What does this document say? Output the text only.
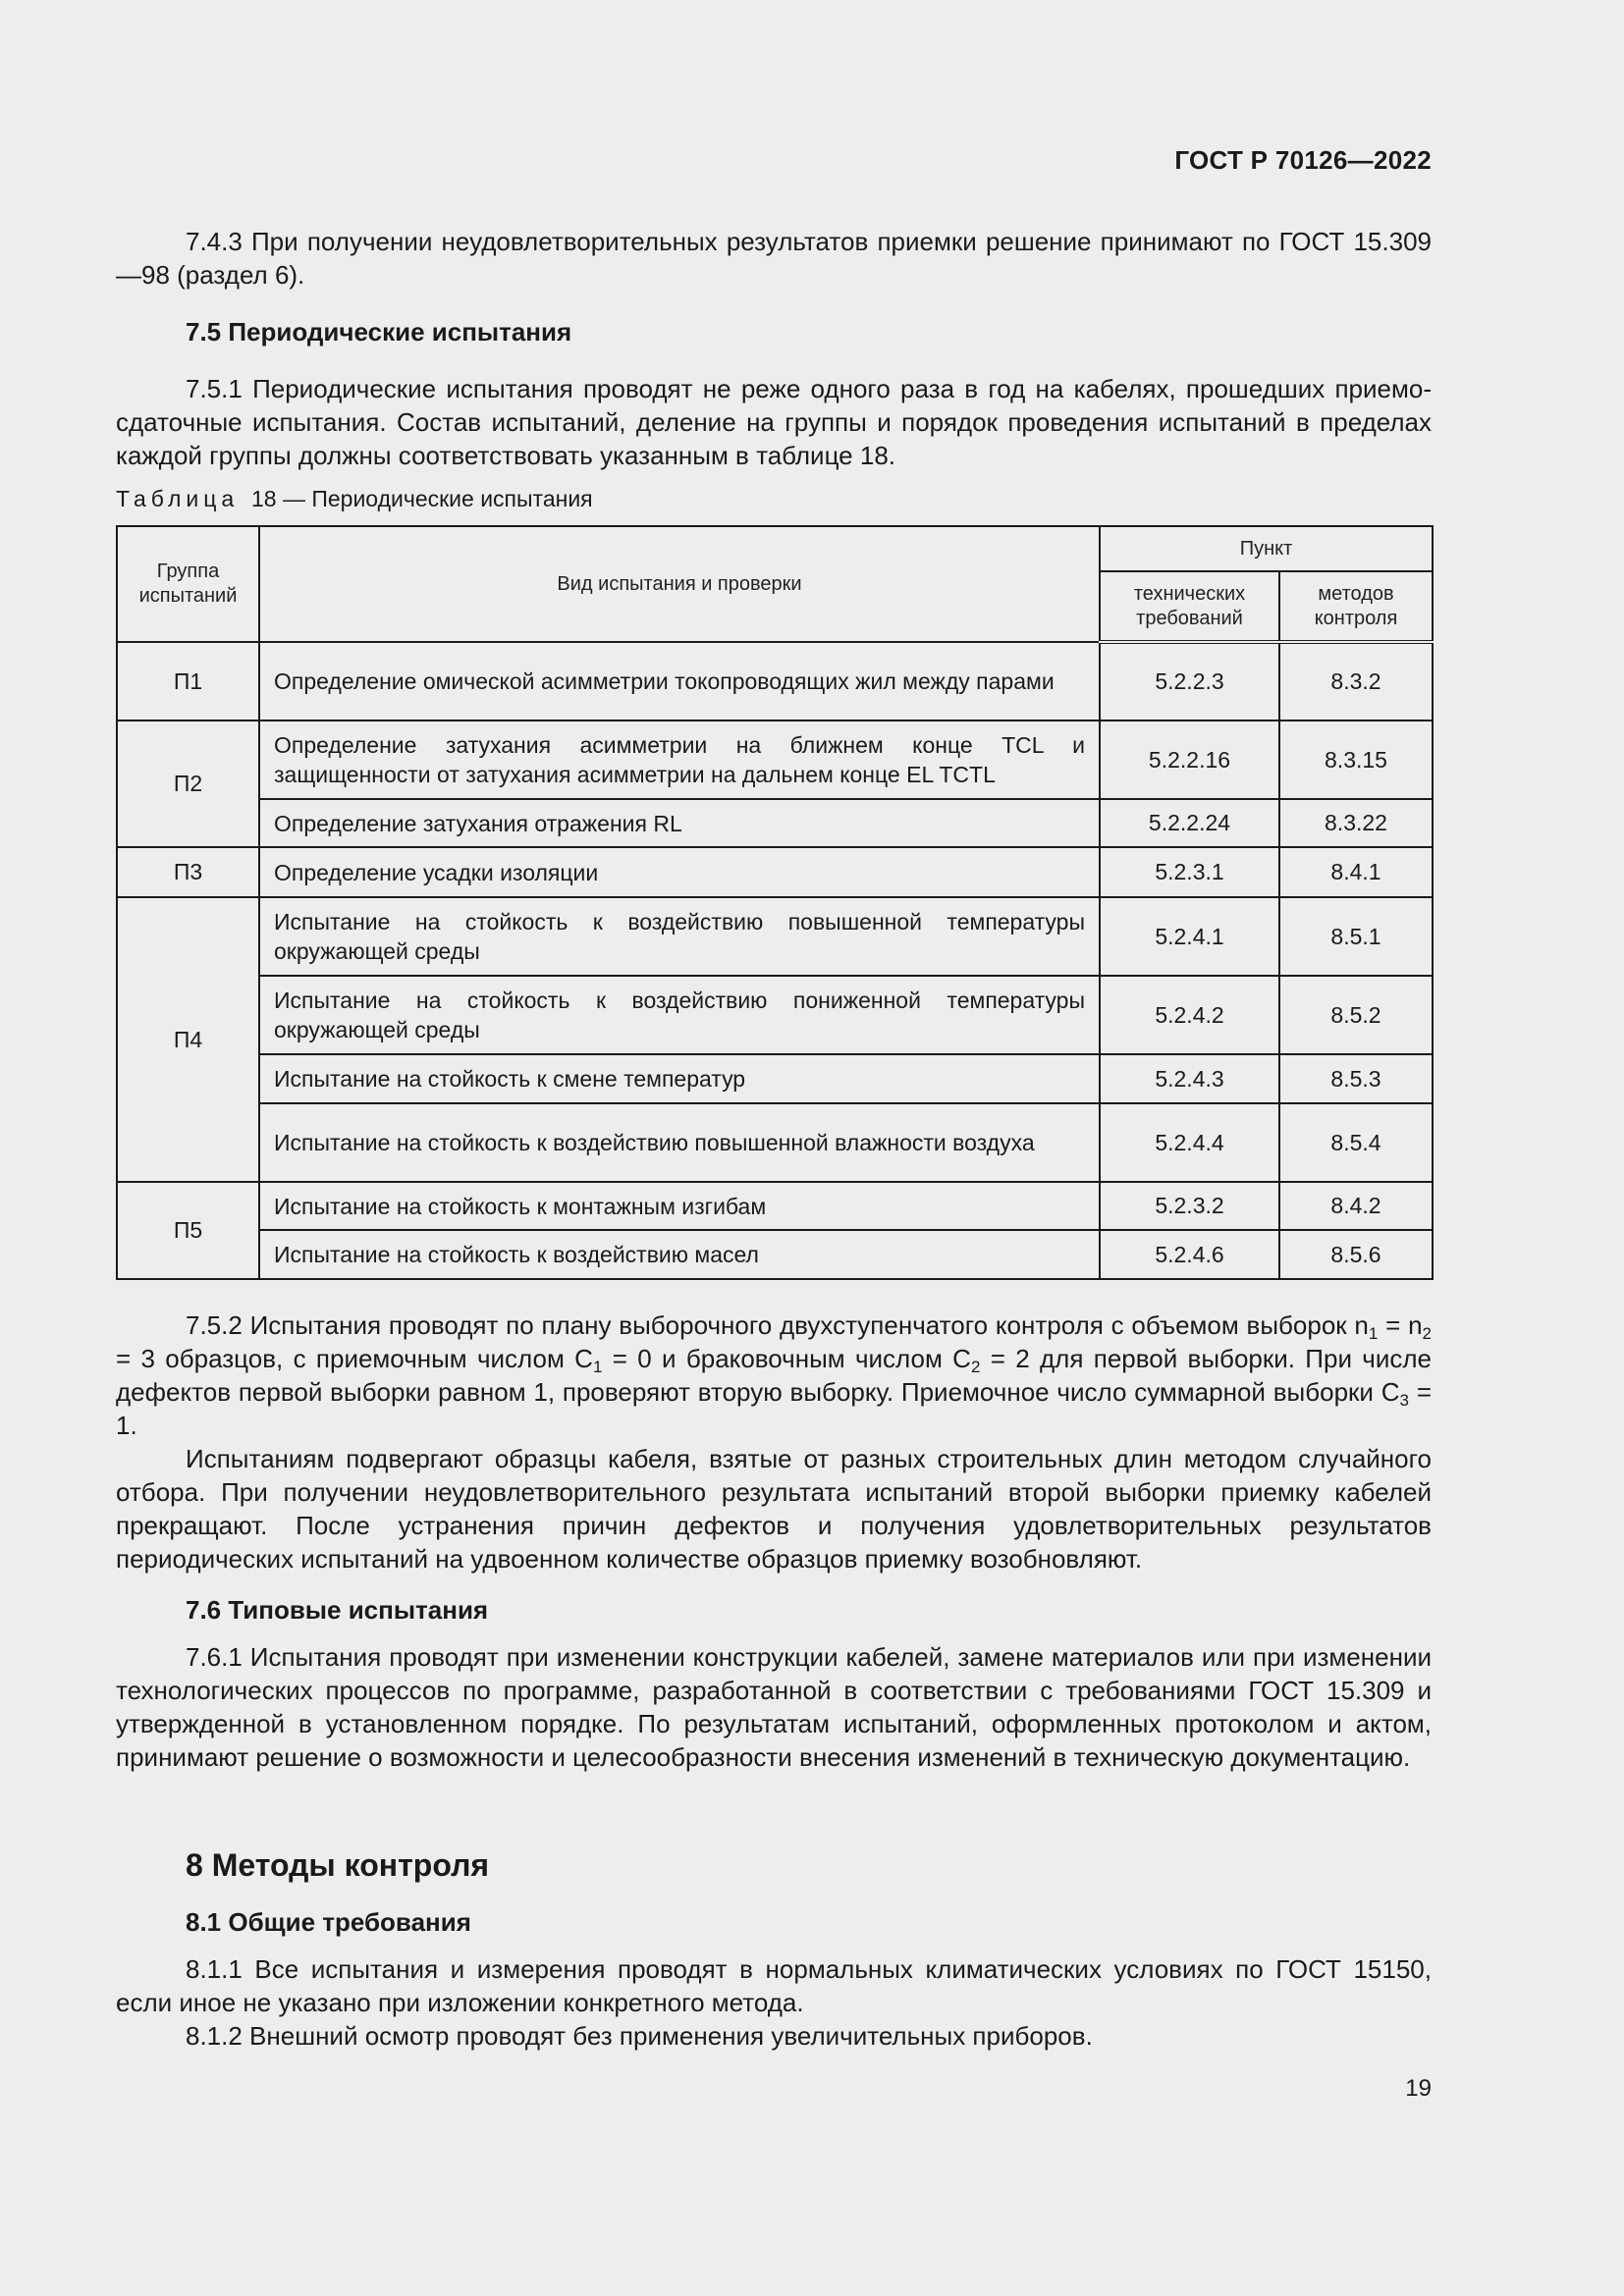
ГОСТ Р 70126—2022

7.4.3 При получении неудовлетворительных результатов приемки решение принимают по ГОСТ 15.309—98 (раздел 6).

7.5 Периодические испытания

7.5.1 Периодические испытания проводят не реже одного раза в год на кабелях, прошедших приемо-сдаточные испытания. Состав испытаний, деление на группы и порядок проведения испытаний в пределах каждой группы должны соответствовать указанным в таблице 18.

Таблица 18 — Периодические испытания
Группа испытаний	Вид испытания и проверки	Пункт	
		технических требований	методов контроля
П1	Определение омической асимметрии токопроводящих жил между парами	5.2.2.3	8.3.2
П2	Определение затухания асимметрии на ближнем конце TCL и защищенности от затухания асимметрии на дальнем конце EL TCTL	5.2.2.16	8.3.15
	Определение затухания отражения RL	5.2.2.24	8.3.22
П3	Определение усадки изоляции	5.2.3.1	8.4.1
П4	Испытание на стойкость к воздействию повышенной температуры окружающей среды	5.2.4.1	8.5.1
	Испытание на стойкость к воздействию пониженной температуры окружающей среды	5.2.4.2	8.5.2
	Испытание на стойкость к смене температур	5.2.4.3	8.5.3
	Испытание на стойкость к воздействию повышенной влажности воздуха	5.2.4.4	8.5.4
П5	Испытание на стойкость к монтажным изгибам	5.2.3.2	8.4.2
	Испытание на стойкость к воздействию масел	5.2.4.6	8.5.6

7.5.2 Испытания проводят по плану выборочного двухступенчатого контроля с объемом выборок $n_1 = n_2 = 3$ образцов, с приемочным числом $С_1 = 0$ и браковочным числом $С_2 = 2$ для первой выборки. При числе дефектов первой выборки равном 1, проверяют вторую выборку. Приемочное число суммарной выборки $С_3 = 1$.

Испытаниям подвергают образцы кабеля, взятые от разных строительных длин методом случайного отбора. При получении неудовлетворительного результата испытаний второй выборки приемку кабелей прекращают. После устранения причин дефектов и получения удовлетворительных результатов периодических испытаний на удвоенном количестве образцов приемку возобновляют.

7.6 Типовые испытания

7.6.1 Испытания проводят при изменении конструкции кабелей, замене материалов или при изменении технологических процессов по программе, разработанной в соответствии с требованиями ГОСТ 15.309 и утвержденной в установленном порядке. По результатам испытаний, оформленных протоколом и актом, принимают решение о возможности и целесообразности внесения изменений в техническую документацию.

8 Методы контроля

8.1 Общие требования

8.1.1 Все испытания и измерения проводят в нормальных климатических условиях по ГОСТ 15150, если иное не указано при изложении конкретного метода.

8.1.2 Внешний осмотр проводят без применения увеличительных приборов.

19
